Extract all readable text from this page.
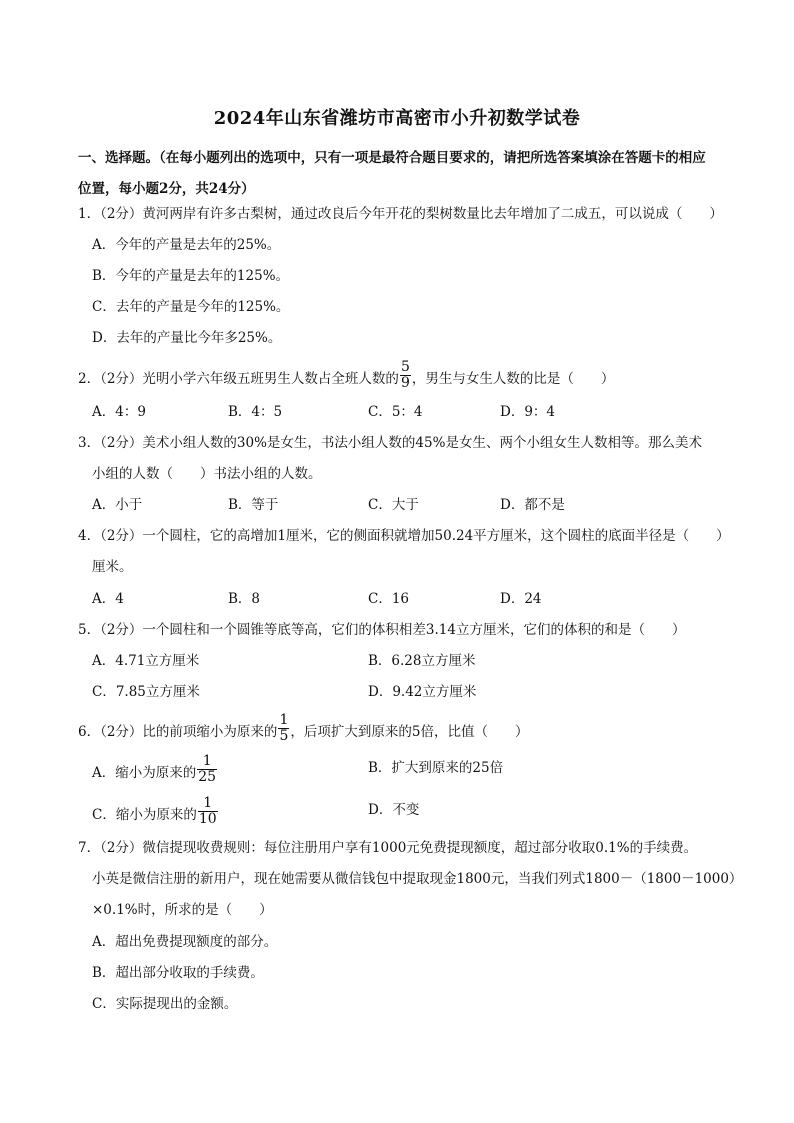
2024年山东省潍坊市高密市小升初数学试卷
一、选择题。（在每小题列出的选项中，只有一项是最符合题目要求的，请把所选答案填涂在答题卡的相应位置，每小题2分，共24分）
1．（2分）黄河两岸有许多古梨树，通过改良后今年开花的梨树数量比去年增加了二成五，可以说成（　　）
A．今年的产量是去年的25%。
B．今年的产量是去年的125%。
C．去年的产量是今年的125%。
D．去年的产量比今年多25%。
2．（2分）光明小学六年级五班男生人数占全班人数的 $\frac{5}{9}$ ，男生与女生人数的比是（　　）
A．4：9	B．4：5	C．5：4	D．9：4
3．（2分）美术小组人数的30%是女生，书法小组人数的45%是女生、两个小组女生人数相等。那么美术
小组的人数（　　）书法小组的人数。
A．小于	B．等于	C．大于	D．都不是
4．（2分）一个圆柱，它的高增加1厘米，它的侧面积就增加50.24平方厘米，这个圆柱的底面半径是（　　）
厘米。
A．4	B．8	C．16	D．24
5．（2分）一个圆柱和一个圆锥等底等高，它们的体积相差3.14立方厘米，它们的体积的和是（　　）
A．4.71立方厘米	B．6.28立方厘米
C．7.85立方厘米	D．9.42立方厘米
6．（2分）比的前项缩小为原来的 $\frac{1}{5}$ ，后项扩大到原来的5倍，比值（　　）
A．缩小为原来的 $\frac{1}{25}$	B．扩大到原来的25倍
C．缩小为原来的 $\frac{1}{10}$	D．不变
7．（2分）微信提现收费规则：每位注册用户享有1000元免费提现额度，超过部分收取0.1%的手续费。
小英是微信注册的新用户，现在她需要从微信钱包中提取现金1800元，当我们列式1800－（1800－1000）
×0.1%时，所求的是（　　）
A．超出免费提现额度的部分。
B．超出部分收取的手续费。
C．实际提现出的金额。
